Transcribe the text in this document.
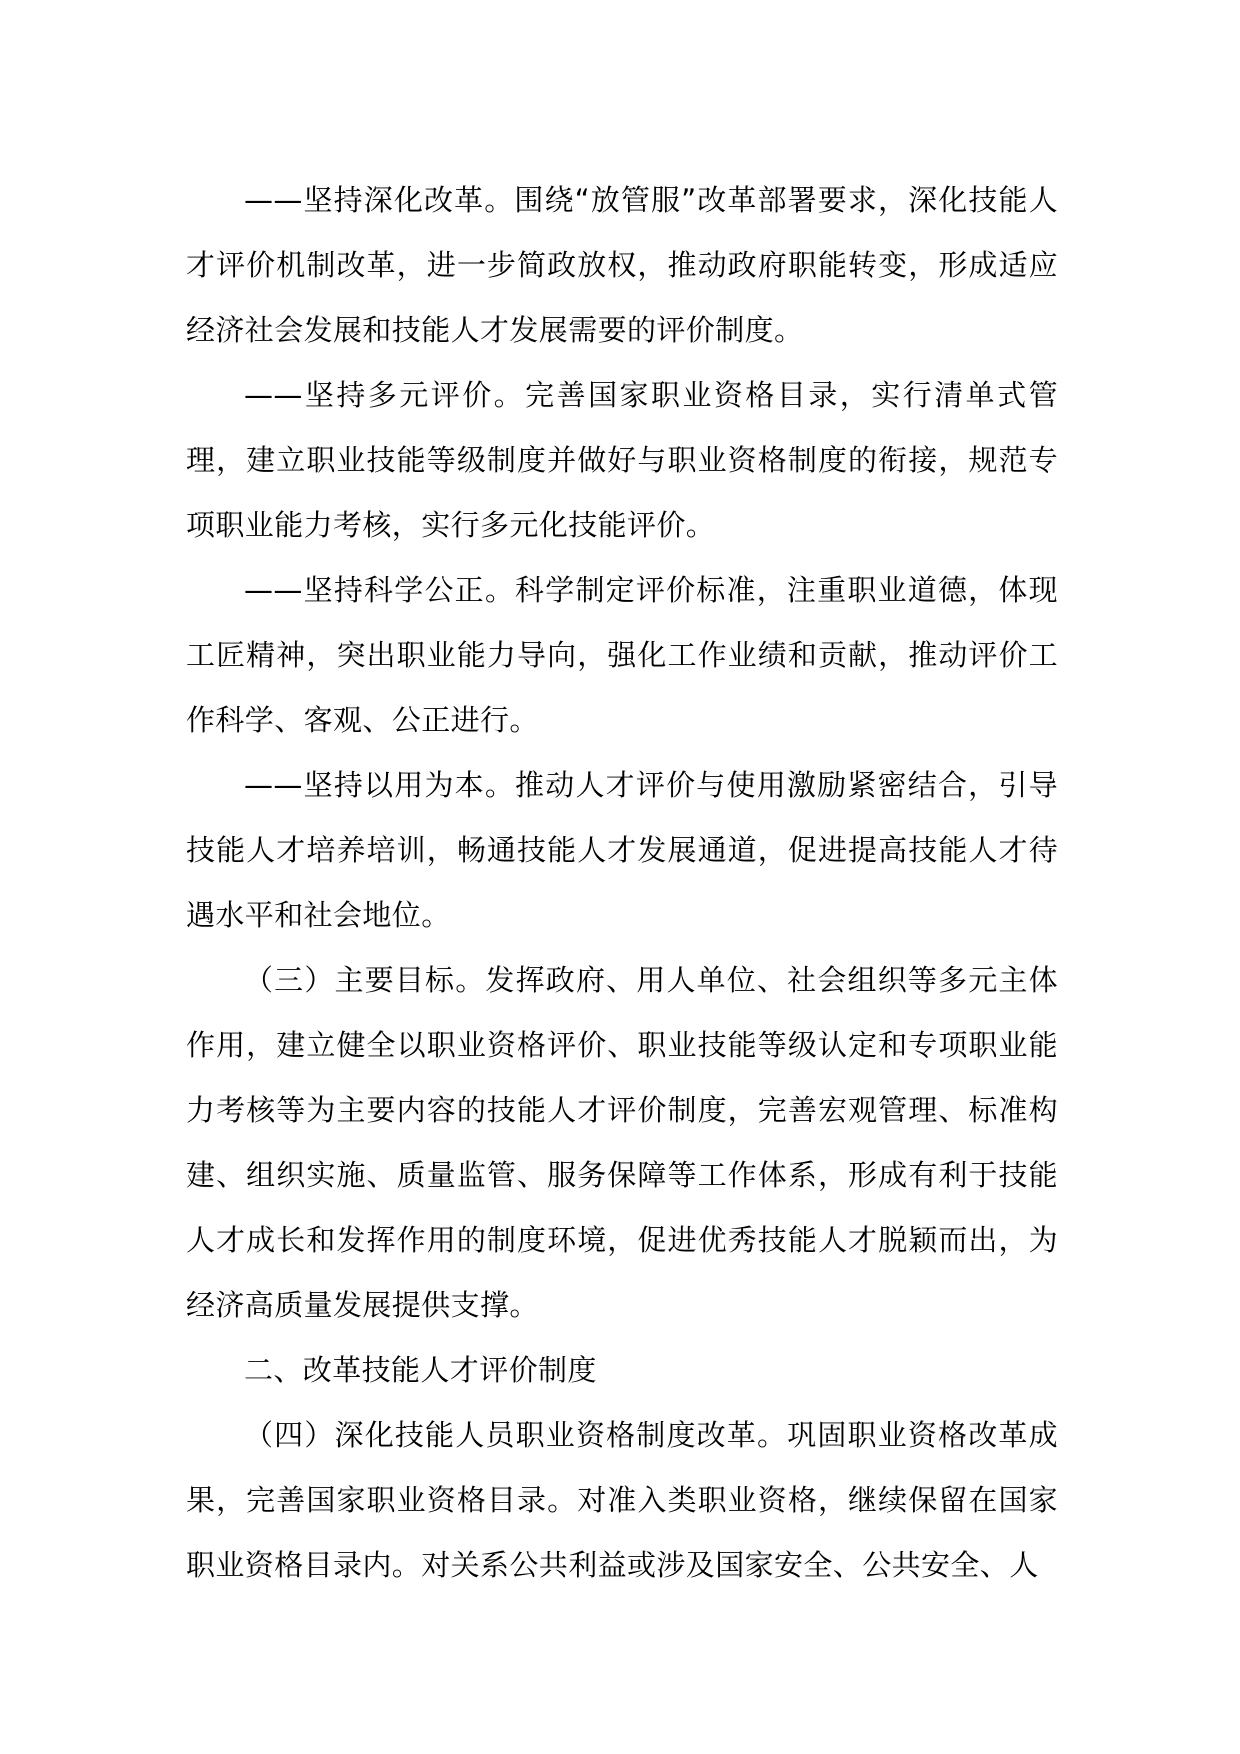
——坚持深化改革。围绕“放管服”改革部署要求，深化技能人才评价机制改革，进一步简政放权，推动政府职能转变，形成适应经济社会发展和技能人才发展需要的评价制度。

——坚持多元评价。完善国家职业资格目录，实行清单式管理，建立职业技能等级制度并做好与职业资格制度的衔接，规范专项职业能力考核，实行多元化技能评价。

——坚持科学公正。科学制定评价标准，注重职业道德，体现工匠精神，突出职业能力导向，强化工作业绩和贡献，推动评价工作科学、客观、公正进行。

——坚持以用为本。推动人才评价与使用激励紧密结合，引导技能人才培养培训，畅通技能人才发展通道，促进提高技能人才待遇水平和社会地位。

（三）主要目标。发挥政府、用人单位、社会组织等多元主体作用，建立健全以职业资格评价、职业技能等级认定和专项职业能力考核等为主要内容的技能人才评价制度，完善宏观管理、标准构建、组织实施、质量监管、服务保障等工作体系，形成有利于技能人才成长和发挥作用的制度环境，促进优秀技能人才脱颖而出，为经济高质量发展提供支撑。

二、改革技能人才评价制度

（四）深化技能人员职业资格制度改革。巩固职业资格改革成果，完善国家职业资格目录。对准入类职业资格，继续保留在国家职业资格目录内。对关系公共利益或涉及国家安全、公共安全、人
